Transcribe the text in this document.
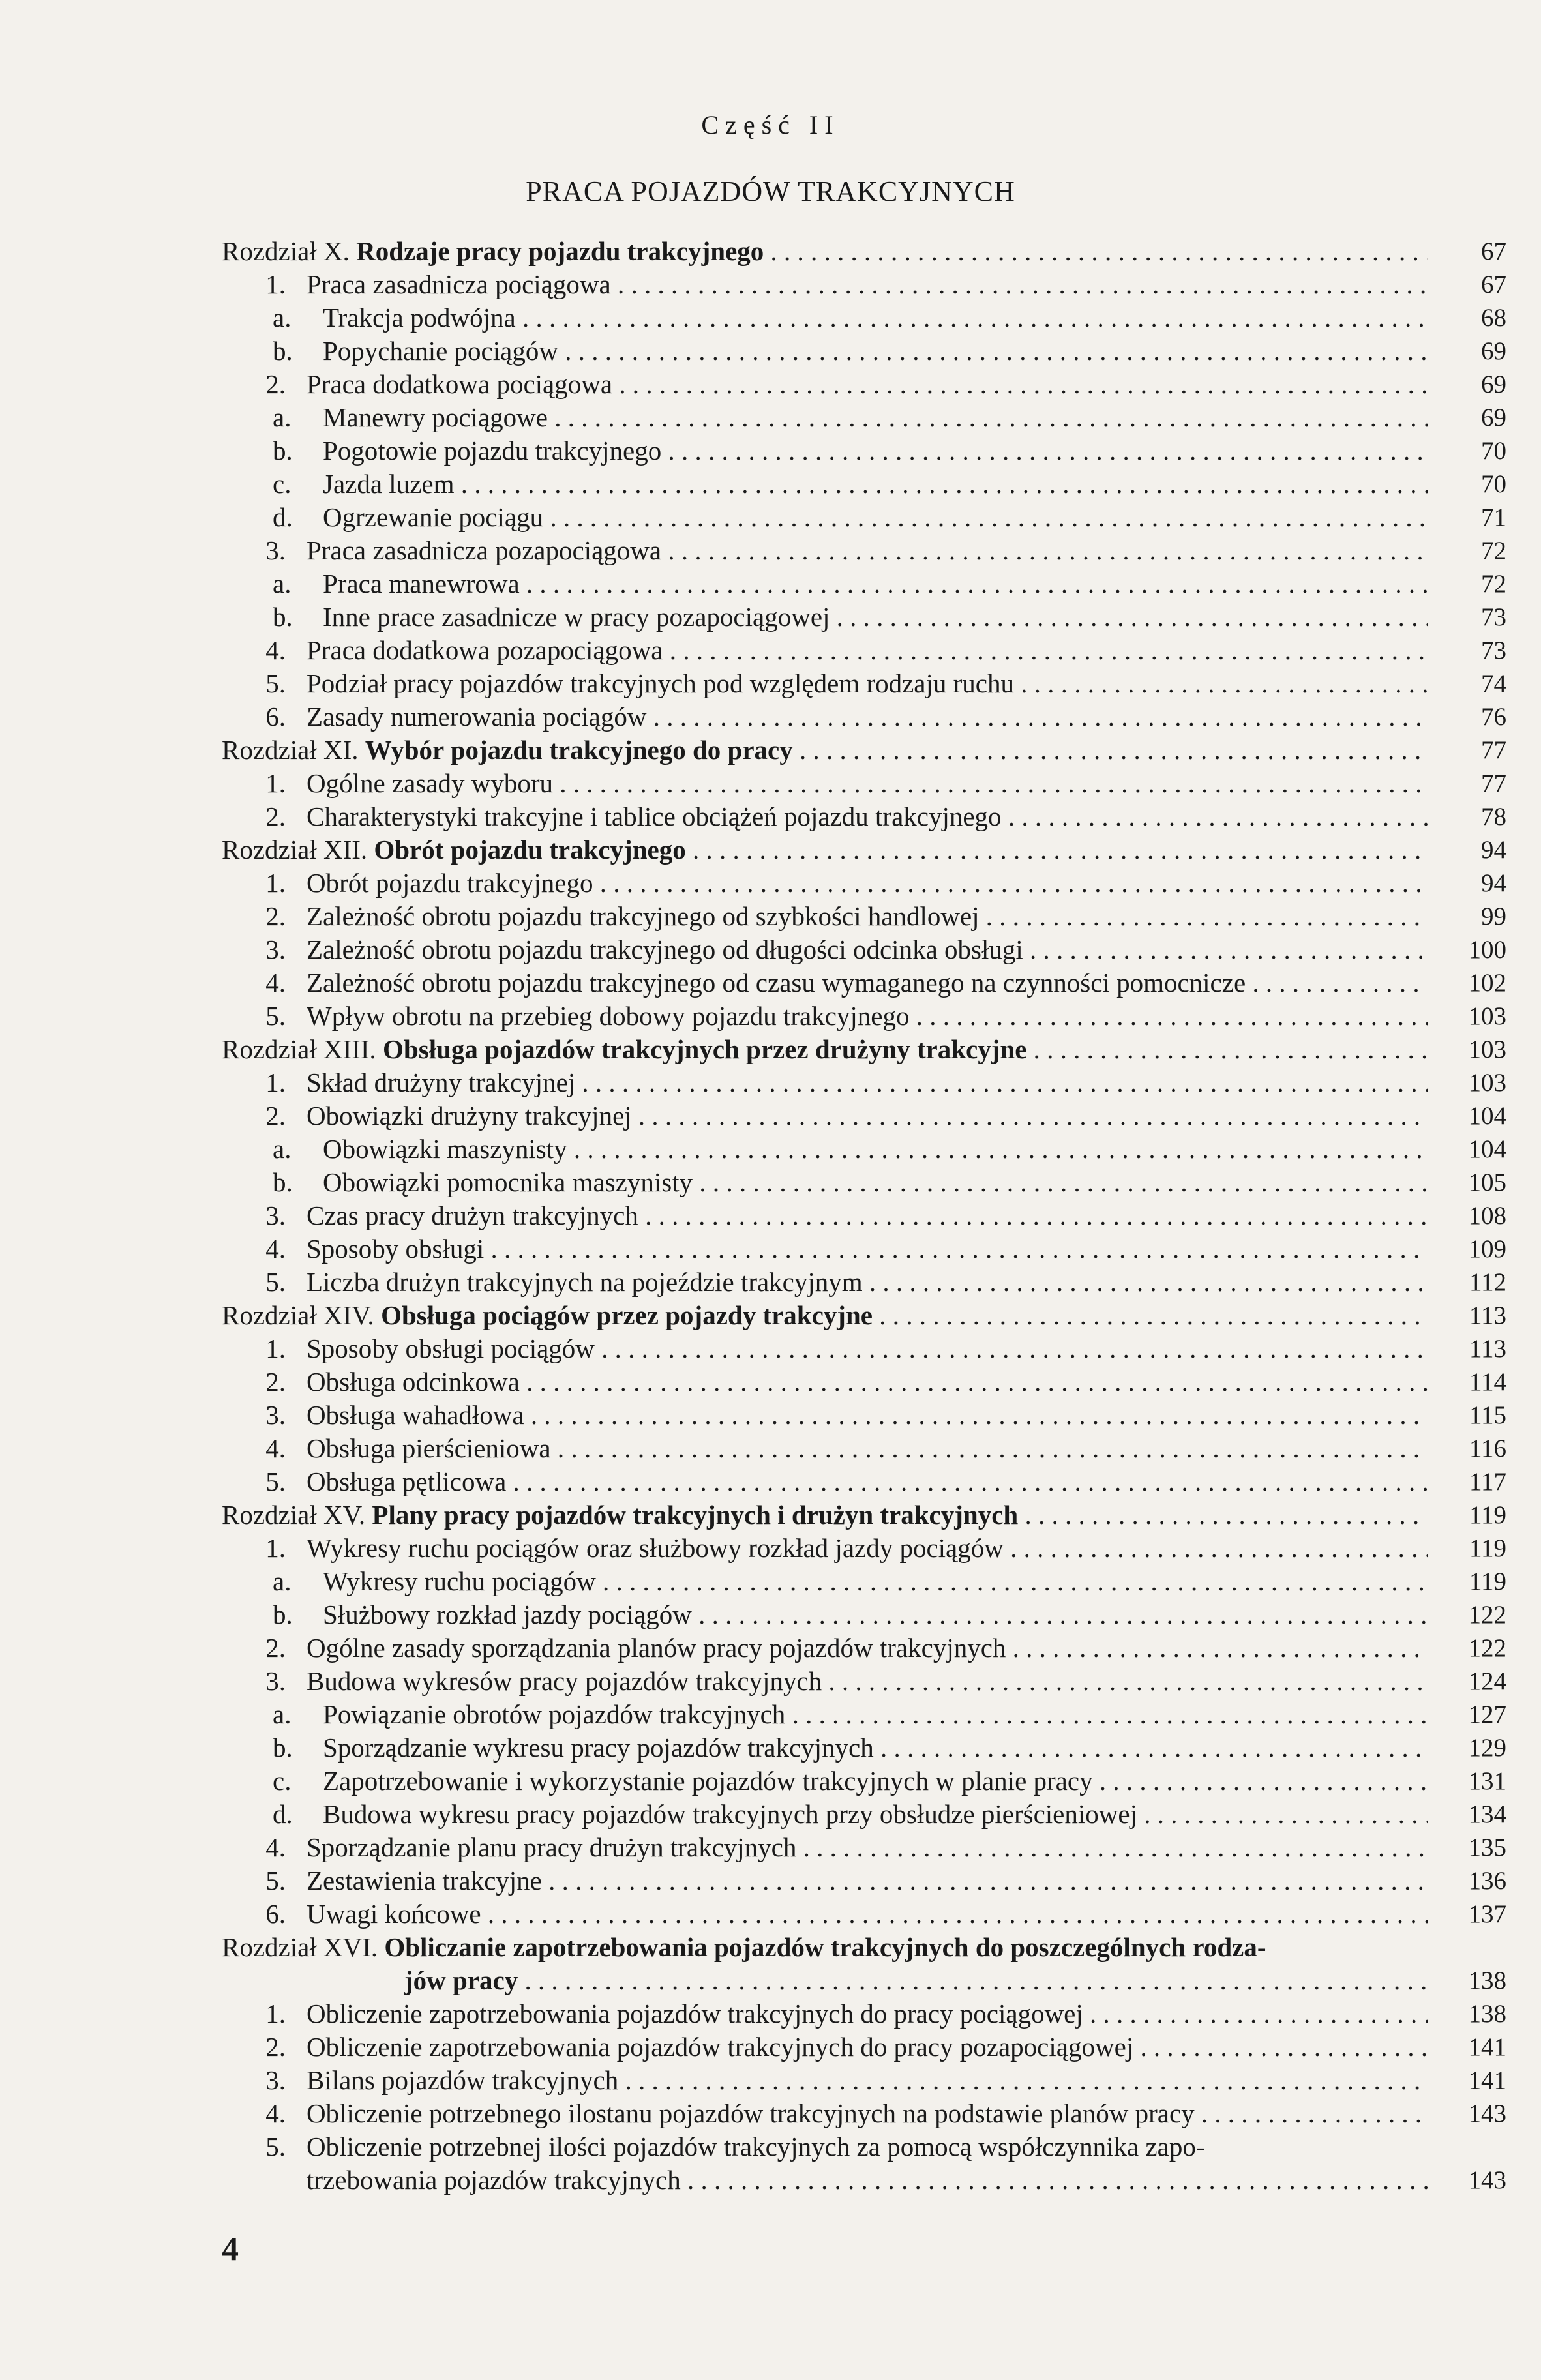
Część II
PRACA POJAZDÓW TRAKCYJNYCH
Rozdział X. Rodzaje pracy pojazdu trakcyjnego . . .	67
1. Praca zasadnicza pociągowa . . .	67
a.	Trakcja podwójna . . .	68
b.	Popychanie pociągów . . .	69
2. Praca dodatkowa pociągowa . . .	69
a.	Manewry pociągowe . . .	69
b.	Pogotowie pojazdu trakcyjnego . . .	70
c.	Jazda luzem . . .	70
d.	Ogrzewanie pociągu . . .	71
3. Praca zasadnicza pozapociągowa . . .	72
a.	Praca manewrowa . . .	72
b.	Inne prace zasadnicze w pracy pozapociągowej . . .	73
4. Praca dodatkowa pozapociągowa . . .	73
5. Podział pracy pojazdów trakcyjnych pod względem rodzaju ruchu . . .	74
6. Zasady numerowania pociągów . . .	76
Rozdział XI. Wybór pojazdu trakcyjnego do pracy . . .	77
1. Ogólne zasady wyboru . . .	77
2. Charakterystyki trakcyjne i tablice obciążeń pojazdu trakcyjnego . . .	78
Rozdział XII. Obrót pojazdu trakcyjnego . . .	94
1. Obrót pojazdu trakcyjnego . . .	94
2. Zależność obrotu pojazdu trakcyjnego od szybkości handlowej . . .	99
3. Zależność obrotu pojazdu trakcyjnego od długości odcinka obsługi . . .	100
4. Zależność obrotu pojazdu trakcyjnego od czasu wymaganego na czynności pomocnicze . . .	102
5. Wpływ obrotu na przebieg dobowy pojazdu trakcyjnego . . .	103
Rozdział XIII. Obsługa pojazdów trakcyjnych przez drużyny trakcyjne . . .	103
1. Skład drużyny trakcyjnej . . .	103
2. Obowiązki drużyny trakcyjnej . . .	104
a.	Obowiązki maszynisty . . .	104
b.	Obowiązki pomocnika maszynisty . . .	105
3. Czas pracy drużyn trakcyjnych . . .	108
4. Sposoby obsługi . . .	109
5. Liczba drużyn trakcyjnych na pojeździe trakcyjnym . . .	112
Rozdział XIV. Obsługa pociągów przez pojazdy trakcyjne . . .	113
1. Sposoby obsługi pociągów . . .	113
2. Obsługa odcinkowa . . .	114
3. Obsługa wahadłowa . . .	115
4. Obsługa pierścieniowa . . .	116
5. Obsługa pętlicowa . . .	117
Rozdział XV. Plany pracy pojazdów trakcyjnych i drużyn trakcyjnych . . .	119
1. Wykresy ruchu pociągów oraz służbowy rozkład jazdy pociągów . . .	119
a.	Wykresy ruchu pociągów . . .	119
b.	Służbowy rozkład jazdy pociągów . . .	122
2. Ogólne zasady sporządzania planów pracy pojazdów trakcyjnych . . .	122
3. Budowa wykresów pracy pojazdów trakcyjnych . . .	124
a.	Powiązanie obrotów pojazdów trakcyjnych . . .	127
b.	Sporządzanie wykresu pracy pojazdów trakcyjnych . . .	129
c.	Zapotrzebowanie i wykorzystanie pojazdów trakcyjnych w planie pracy . . .	131
d.	Budowa wykresu pracy pojazdów trakcyjnych przy obsłudze pierścieniowej . . .	134
4. Sporządzanie planu pracy drużyn trakcyjnych . . .	135
5. Zestawienia trakcyjne . . .	136
6. Uwagi końcowe . . .	137
Rozdział XVI. Obliczanie zapotrzebowania pojazdów trakcyjnych do poszczególnych rodza-
jów pracy . . .	138
1. Obliczenie zapotrzebowania pojazdów trakcyjnych do pracy pociągowej . . .	138
2. Obliczenie zapotrzebowania pojazdów trakcyjnych do pracy pozapociągowej . . .	141
3. Bilans pojazdów trakcyjnych . . .	141
4. Obliczenie potrzebnego ilostanu pojazdów trakcyjnych na podstawie planów pracy . . .	143
5. Obliczenie potrzebnej ilości pojazdów trakcyjnych za pomocą współczynnika zapo-
trzebowania pojazdów trakcyjnych . . .	143
4
